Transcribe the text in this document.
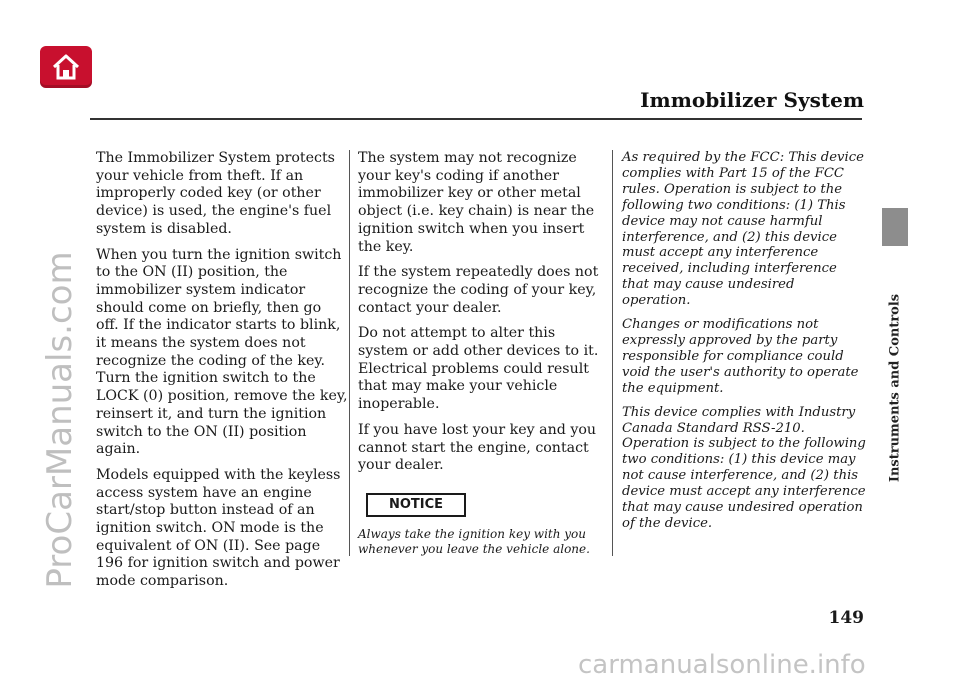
Immobilizer System
Instruments and Controls

The Immobilizer System protects your vehicle from theft. If an improperly coded key (or other device) is used, the engine's fuel system is disabled.

When you turn the ignition switch to the ON (II) position, the immobilizer system indicator should come on briefly, then go off. If the indicator starts to blink, it means the system does not recognize the coding of the key. Turn the ignition switch to the LOCK (0) position, remove the key, reinsert it, and turn the ignition switch to the ON (II) position again.

Models equipped with the keyless access system have an engine start/stop button instead of an ignition switch. ON mode is the equivalent of ON (II). See page 196 for ignition switch and power mode comparison.

The system may not recognize your key's coding if another immobilizer key or other metal object (i.e. key chain) is near the ignition switch when you insert the key.

If the system repeatedly does not recognize the coding of your key, contact your dealer.

Do not attempt to alter this system or add other devices to it. Electrical problems could result that may make your vehicle inoperable.

If you have lost your key and you cannot start the engine, contact your dealer.

NOTICE

Always take the ignition key with you whenever you leave the vehicle alone.

As required by the FCC: This device complies with Part 15 of the FCC rules. Operation is subject to the following two conditions: (1) This device may not cause harmful interference, and (2) this device must accept any interference received, including interference that may cause undesired operation.

Changes or modifications not expressly approved by the party responsible for compliance could void the user's authority to operate the equipment.

This device complies with Industry Canada Standard RSS-210. Operation is subject to the following two conditions: (1) this device may not cause interference, and (2) this device must accept any interference that may cause undesired operation of the device.

149
ProCarManuals.com
carmanualsonline.info
